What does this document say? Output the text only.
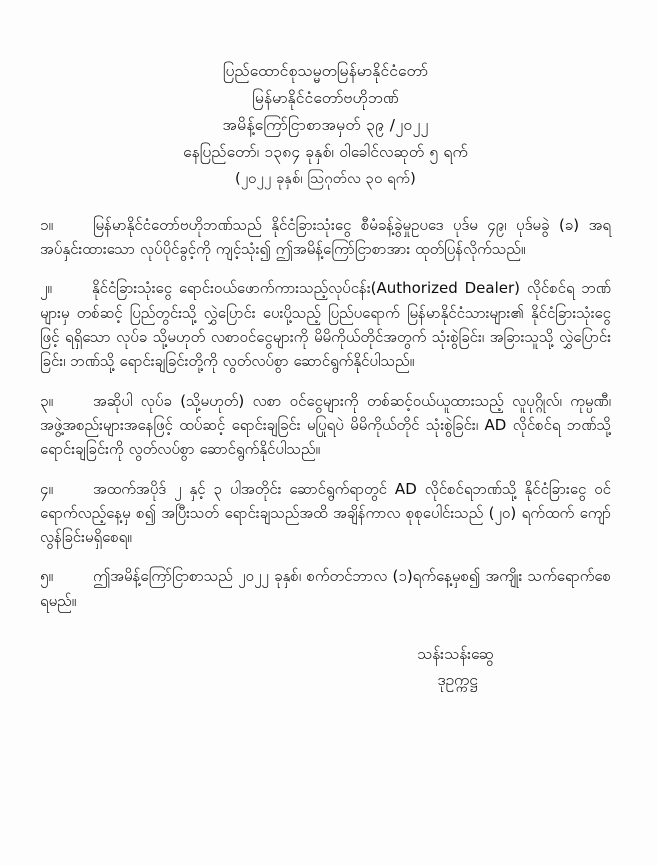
ပြည်ထောင်စုသမ္မတမြန်မာနိုင်ငံတော်
မြန်မာနိုင်ငံတော်ဗဟိုဘဏ်
အမိန့်ကြော်ငြာစာအမှတ် ၃၉ /၂၀၂၂
နေပြည်တော်၊ ၁၃၈၄ ခုနှစ်၊ ဝါခေါင်လဆုတ် ၅ ရက်
(၂၀၂၂ ခုနှစ်၊ သြဂုတ်လ ၃၀ ရက်)

၁။	မြန်မာနိုင်ငံတော်ဗဟိုဘဏ်သည် နိုင်ငံခြားသုံးငွေ စီမံခန့်ခွဲမှုဥပဒေ ပုဒ်မ ၄၉၊ ပုဒ်မခွဲ (ခ) အရ အပ်နှင်းထားသော လုပ်ပိုင်ခွင့်ကို ကျင့်သုံး၍ ဤအမိန့်ကြော်ငြာစာအား ထုတ်ပြန်လိုက်သည်။

၂။	နိုင်ငံခြားသုံးငွေ ရောင်းဝယ်ဖောက်ကားသည့်လုပ်ငန်း(Authorized Dealer) လိုင်စင်ရ ဘဏ်များမှ တစ်ဆင့် ပြည်တွင်းသို့ လွှဲပြောင်း ပေးပို့သည့် ပြည်ပရောက် မြန်မာနိုင်ငံသားများ၏ နိုင်ငံခြားသုံးငွေဖြင့် ရရှိသော လုပ်ခ သို့မဟုတ် လစာဝင်ငွေများကို မိမိကိုယ်တိုင်အတွက် သုံးစွဲခြင်း၊ အခြားသူသို့ လွှဲပြောင်းခြင်း၊ ဘဏ်သို့ ရောင်းချခြင်းတို့ကို လွတ်လပ်စွာ ဆောင်ရွက်နိုင်ပါသည်။

၃။	အဆိုပါ လုပ်ခ (သို့မဟုတ်) လစာ ဝင်ငွေများကို တစ်ဆင့်ဝယ်ယူထားသည့် လူပုဂ္ဂိုလ်၊ ကုမ္ပဏီ၊ အဖွဲ့အစည်းများအနေဖြင့် ထပ်ဆင့် ရောင်းချခြင်း မပြုရပဲ မိမိကိုယ်တိုင် သုံးစွဲခြင်း၊ AD လိုင်စင်ရ ဘဏ်သို့ ရောင်းချခြင်းကို လွတ်လပ်စွာ ဆောင်ရွက်နိုင်ပါသည်။

၄။	အထက်အပိုဒ် ၂ နှင့် ၃ ပါအတိုင်း ဆောင်ရွက်ရာတွင် AD လိုင်စင်ရဘဏ်သို့ နိုင်ငံခြားငွေ ဝင်ရောက်လည့်နေ့မှ စ၍ အပြီးသတ် ရောင်းချသည်အထိ အချိန်ကာလ စုစုပေါင်းသည် (၂၀) ရက်ထက် ကျော်လွန်ခြင်းမရှိစေရ။

၅။	ဤအမိန့်ကြော်ငြာစာသည် ၂၀၂၂ ခုနှစ်၊ စက်တင်ဘာလ (၁)ရက်နေ့မှစ၍ အကျိုး သက်ရောက်စေရမည်။

သန်းသန်းဆွေ
ဒုဥက္ကဋ္ဌ
